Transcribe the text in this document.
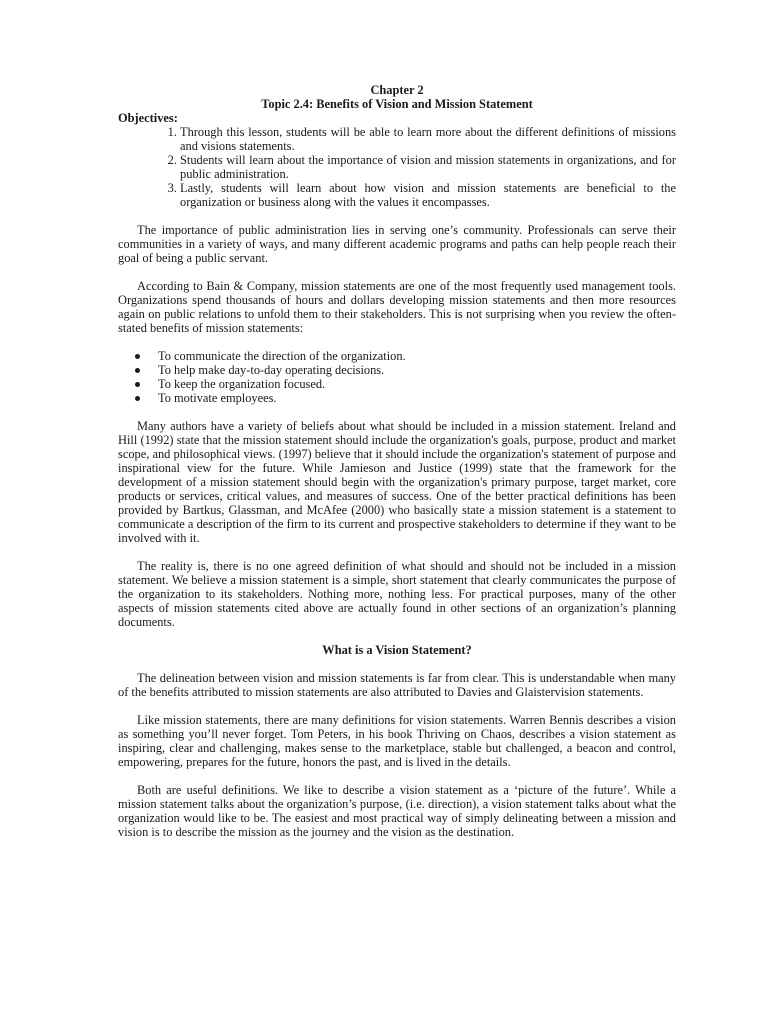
Chapter 2
Topic 2.4: Benefits of Vision and Mission Statement
Objectives:
1. Through this lesson, students will be able to learn more about the different definitions of missions and visions statements.
2. Students will learn about the importance of vision and mission statements in organizations, and for public administration.
3. Lastly, students will learn about how vision and mission statements are beneficial to the organization or business along with the values it encompasses.

The importance of public administration lies in serving one’s community. Professionals can serve their communities in a variety of ways, and many different academic programs and paths can help people reach their goal of being a public servant.

According to Bain & Company, mission statements are one of the most frequently used management tools. Organizations spend thousands of hours and dollars developing mission statements and then more resources again on public relations to unfold them to their stakeholders. This is not surprising when you review the often-stated benefits of mission statements:

To communicate the direction of the organization.
To help make day-to-day operating decisions.
To keep the organization focused.
To motivate employees.

Many authors have a variety of beliefs about what should be included in a mission statement. Ireland and Hill (1992) state that the mission statement should include the organization's goals, purpose, product and market scope, and philosophical views. (1997) believe that it should include the organization's statement of purpose and inspirational view for the future. While Jamieson and Justice (1999) state that the framework for the development of a mission statement should begin with the organization's primary purpose, target market, core products or services, critical values, and measures of success. One of the better practical definitions has been provided by Bartkus, Glassman, and McAfee (2000) who basically state a mission statement is a statement to communicate a description of the firm to its current and prospective stakeholders to determine if they want to be involved with it.

The reality is, there is no one agreed definition of what should and should not be included in a mission statement. We believe a mission statement is a simple, short statement that clearly communicates the purpose of the organization to its stakeholders. Nothing more, nothing less. For practical purposes, many of the other aspects of mission statements cited above are actually found in other sections of an organization’s planning documents.

What is a Vision Statement?

The delineation between vision and mission statements is far from clear. This is understandable when many of the benefits attributed to mission statements are also attributed to Davies and Glaistervision statements.

Like mission statements, there are many definitions for vision statements. Warren Bennis describes a vision as something you’ll never forget. Tom Peters, in his book Thriving on Chaos, describes a vision statement as inspiring, clear and challenging, makes sense to the marketplace, stable but challenged, a beacon and control, empowering, prepares for the future, honors the past, and is lived in the details.

Both are useful definitions. We like to describe a vision statement as a ‘picture of the future’. While a mission statement talks about the organization’s purpose, (i.e. direction), a vision statement talks about what the organization would like to be. The easiest and most practical way of simply delineating between a mission and vision is to describe the mission as the journey and the vision as the destination.
